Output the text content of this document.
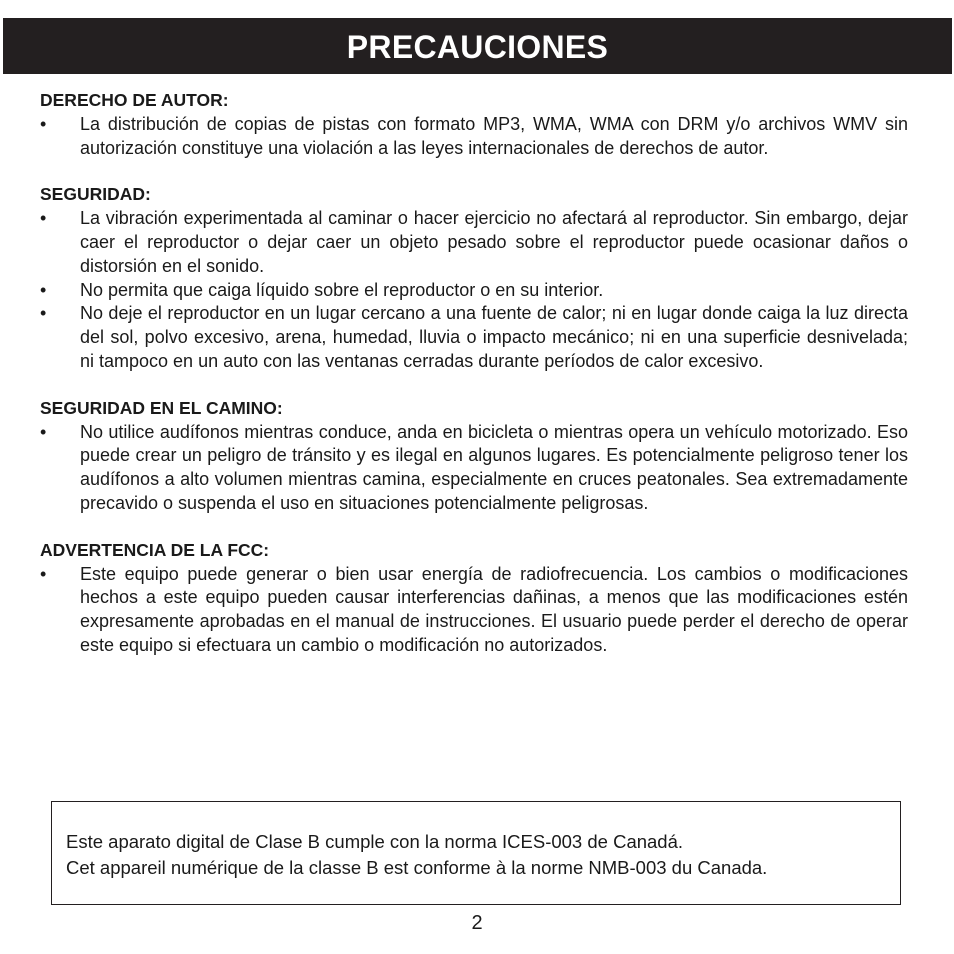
PRECAUCIONES
DERECHO DE AUTOR:
•	La distribución de copias de pistas con formato MP3, WMA, WMA con DRM y/o archivos WMV sin autorización constituye una violación a las leyes internacionales de derechos de autor.
SEGURIDAD:
•	La vibración experimentada al caminar o hacer ejercicio no afectará al reproductor. Sin embargo, dejar caer el reproductor o dejar caer un objeto pesado sobre el reproductor puede ocasionar daños o distorsión en el sonido.
•	No permita que caiga líquido sobre el reproductor o en su interior.
•	No deje el reproductor en un lugar cercano a una fuente de calor; ni en lugar donde caiga la luz directa del sol, polvo excesivo, arena, humedad, lluvia o impacto mecánico; ni en una superficie desnivelada; ni tampoco en un auto con las ventanas cerradas durante períodos de calor excesivo.
SEGURIDAD EN EL CAMINO:
•	No utilice audífonos mientras conduce, anda en bicicleta o mientras opera un vehículo motorizado. Eso puede crear un peligro de tránsito y es ilegal en algunos lugares. Es potencialmente peligroso tener los audífonos a alto volumen mientras camina, especialmente en cruces peatonales. Sea extremadamente precavido o suspenda el uso en situaciones potencialmente peligrosas.
ADVERTENCIA DE LA FCC:
•	Este equipo puede generar o bien usar energía de radiofrecuencia. Los cambios o modificaciones hechos a este equipo pueden causar interferencias dañinas, a menos que las modificaciones estén expresamente aprobadas en el manual de instrucciones. El usuario puede perder el derecho de operar este equipo si efectuara un cambio o modificación no autorizados.
Este aparato digital de Clase B cumple con la norma ICES-003 de Canadá.
Cet appareil numérique de la classe B est conforme à la norme NMB-003 du Canada.
2
